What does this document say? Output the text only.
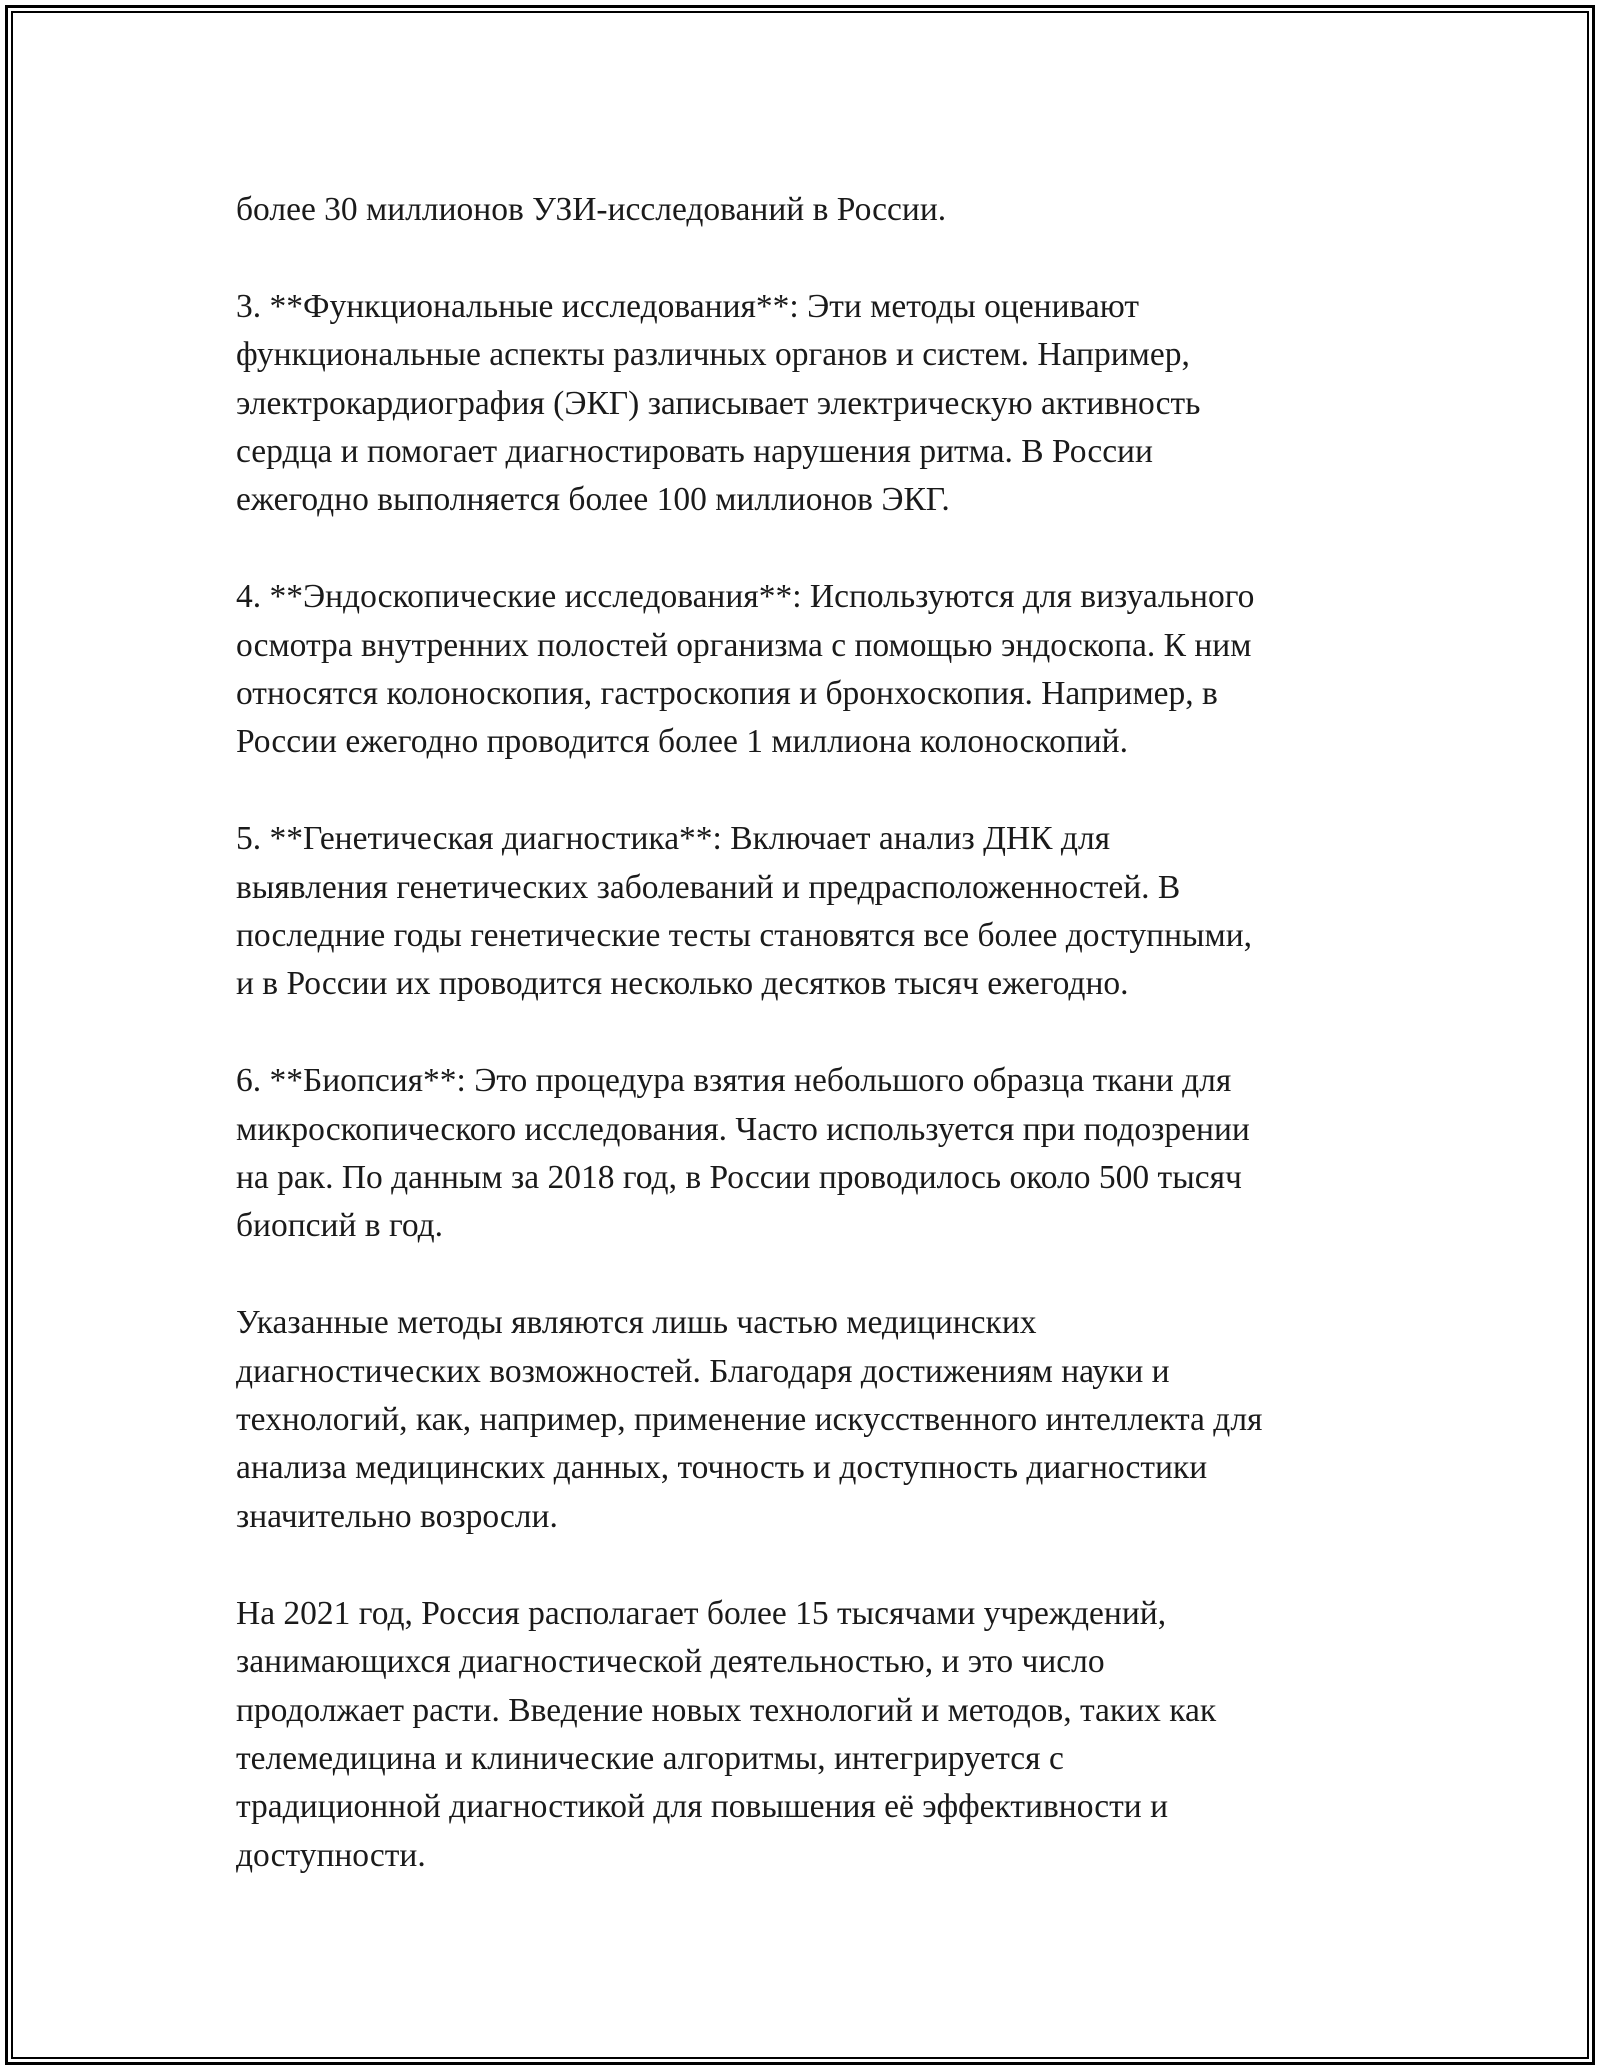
более 30 миллионов УЗИ-исследований в России.

3. **Функциональные исследования**: Эти методы оценивают
функциональные аспекты различных органов и систем. Например,
электрокардиография (ЭКГ) записывает электрическую активность
сердца и помогает диагностировать нарушения ритма. В России
ежегодно выполняется более 100 миллионов ЭКГ.

4. **Эндоскопические исследования**: Используются для визуального
осмотра внутренних полостей организма с помощью эндоскопа. К ним
относятся колоноскопия, гастроскопия и бронхоскопия. Например, в
России ежегодно проводится более 1 миллиона колоноскопий.

5. **Генетическая диагностика**: Включает анализ ДНК для
выявления генетических заболеваний и предрасположенностей. В
последние годы генетические тесты становятся все более доступными,
и в России их проводится несколько десятков тысяч ежегодно.

6. **Биопсия**: Это процедура взятия небольшого образца ткани для
микроскопического исследования. Часто используется при подозрении
на рак. По данным за 2018 год, в России проводилось около 500 тысяч
биопсий в год.

Указанные методы являются лишь частью медицинских
диагностических возможностей. Благодаря достижениям науки и
технологий, как, например, применение искусственного интеллекта для
анализа медицинских данных, точность и доступность диагностики
значительно возросли.

На 2021 год, Россия располагает более 15 тысячами учреждений,
занимающихся диагностической деятельностью, и это число
продолжает расти. Введение новых технологий и методов, таких как
телемедицина и клинические алгоритмы, интегрируется с
традиционной диагностикой для повышения её эффективности и
доступности.
